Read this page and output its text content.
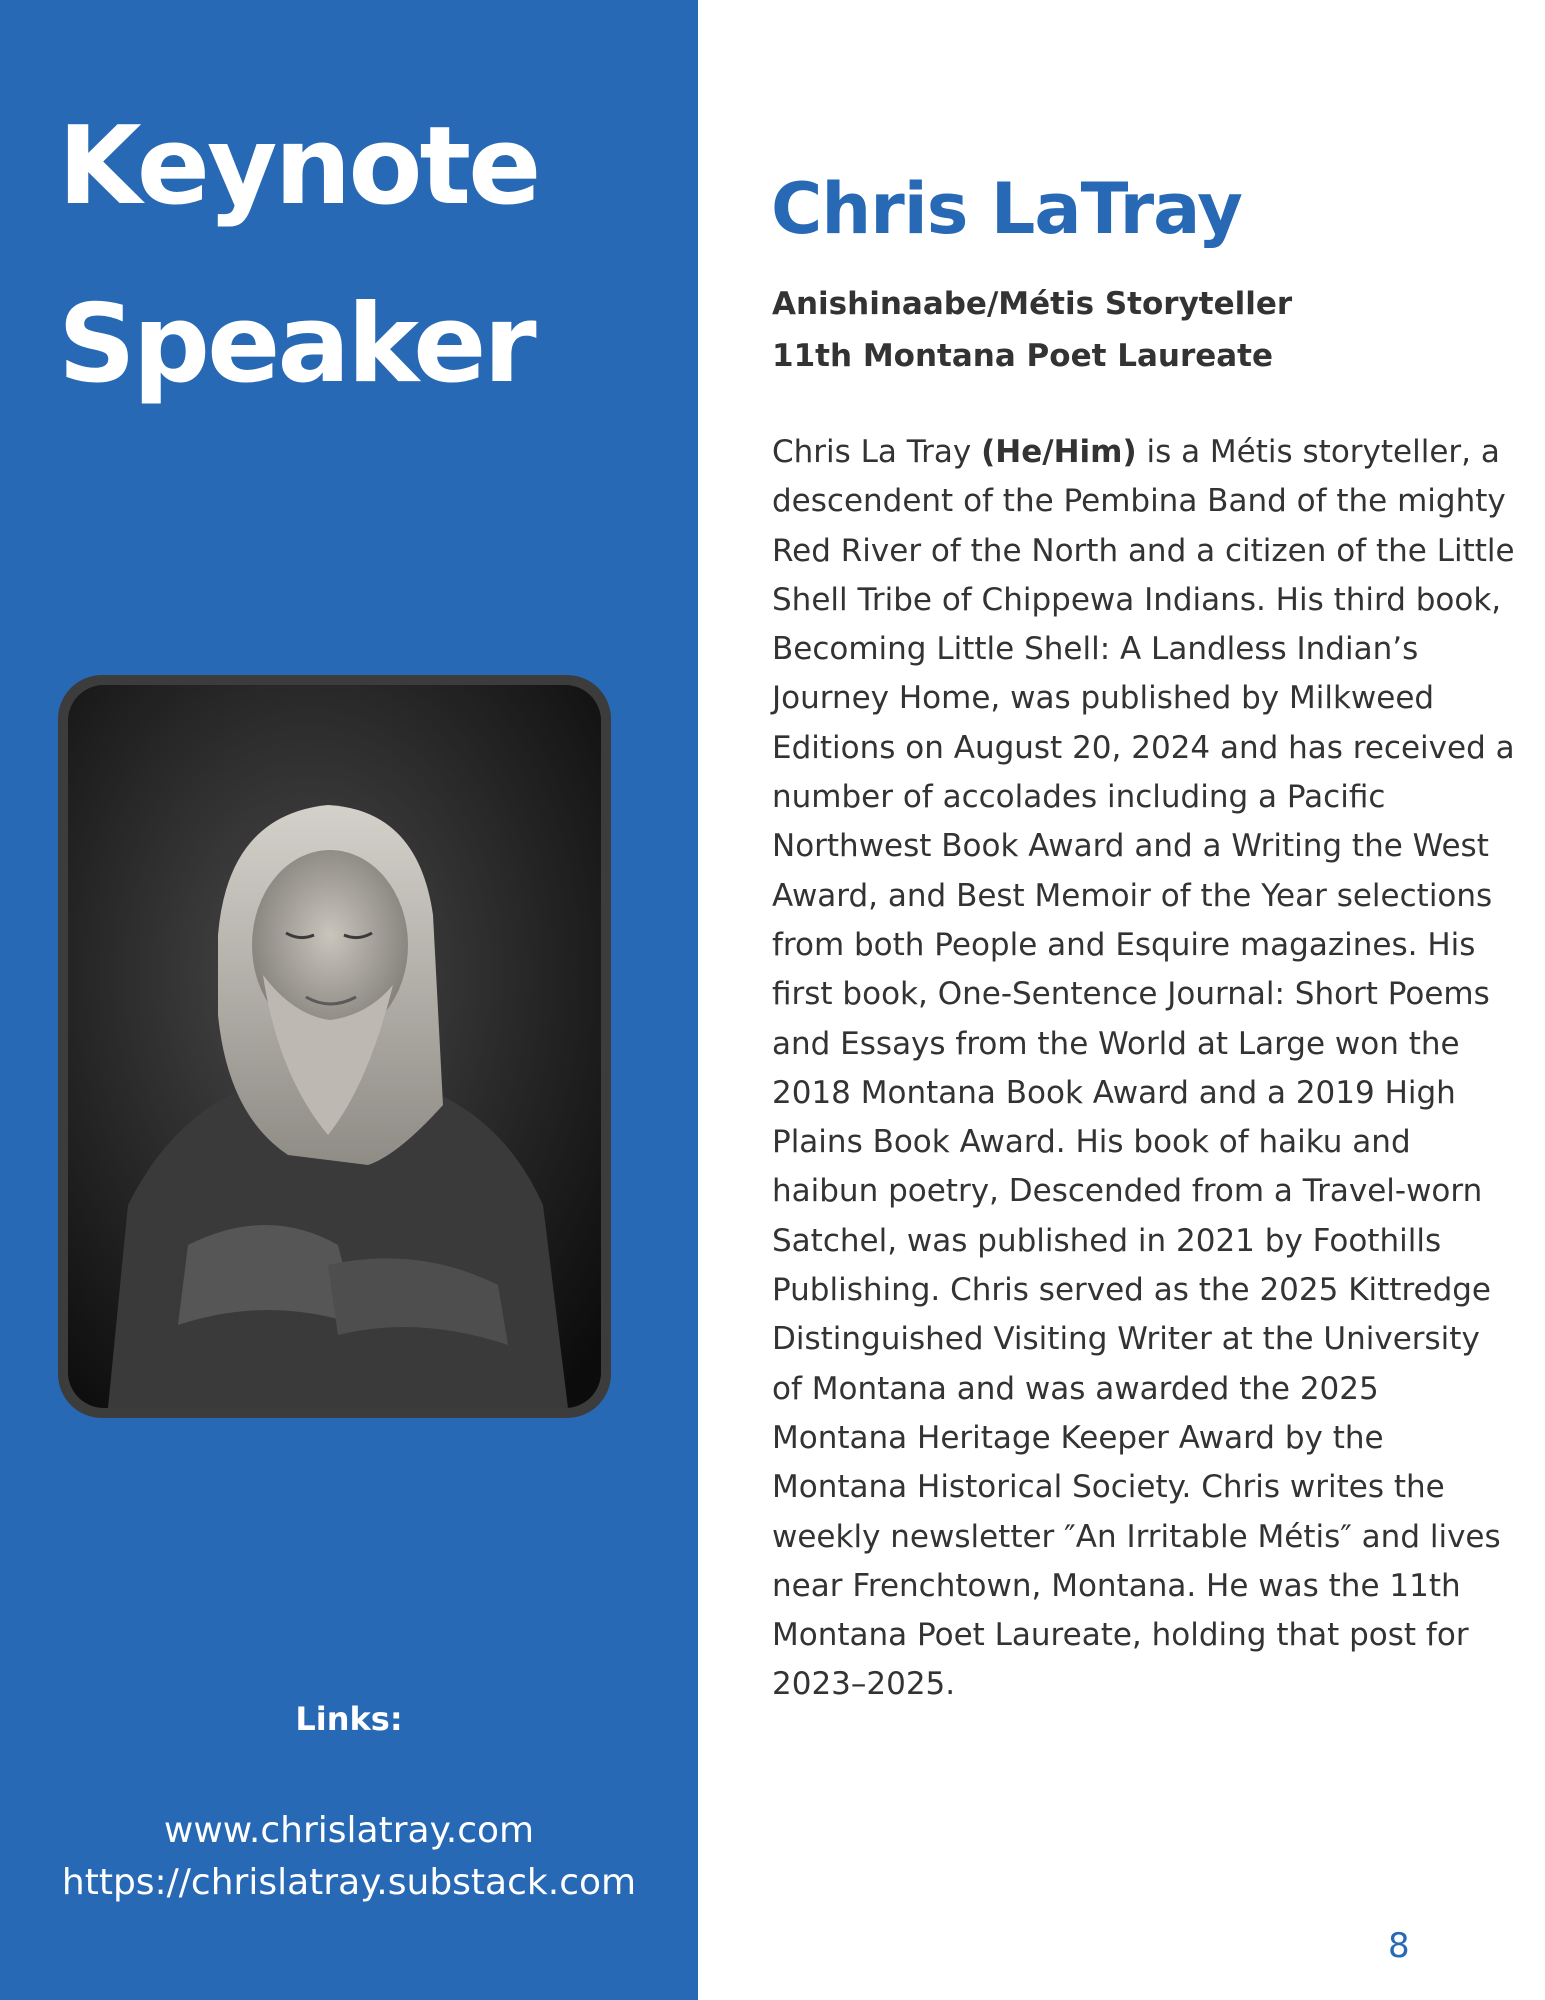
Keynote
Speaker
Links:
www.chrislatray.com
https://chrislatray.substack.com
Chris LaTray
Anishinaabe/Métis Storyteller
11th Montana Poet Laureate

Chris La Tray (He/Him) is a Métis storyteller, a descendent of the Pembina Band of the mighty Red River of the North and a citizen of the Little Shell Tribe of Chippewa Indians. His third book, Becoming Little Shell: A Landless Indian’s Journey Home, was published by Milkweed Editions on August 20, 2024 and has received a number of accolades including a Pacific Northwest Book Award and a Writing the West Award, and Best Memoir of the Year selections from both People and Esquire magazines. His first book, One-Sentence Journal: Short Poems and Essays from the World at Large won the 2018 Montana Book Award and a 2019 High Plains Book Award. His book of haiku and haibun poetry, Descended from a Travel-worn Satchel, was published in 2021 by Foothills Publishing. Chris served as the 2025 Kittredge Distinguished Visiting Writer at the University of Montana and was awarded the 2025 Montana Heritage Keeper Award by the Montana Historical Society. Chris writes the weekly newsletter ″An Irritable Métis″ and lives near Frenchtown, Montana. He was the 11th Montana Poet Laureate, holding that post for 2023–2025.

8
